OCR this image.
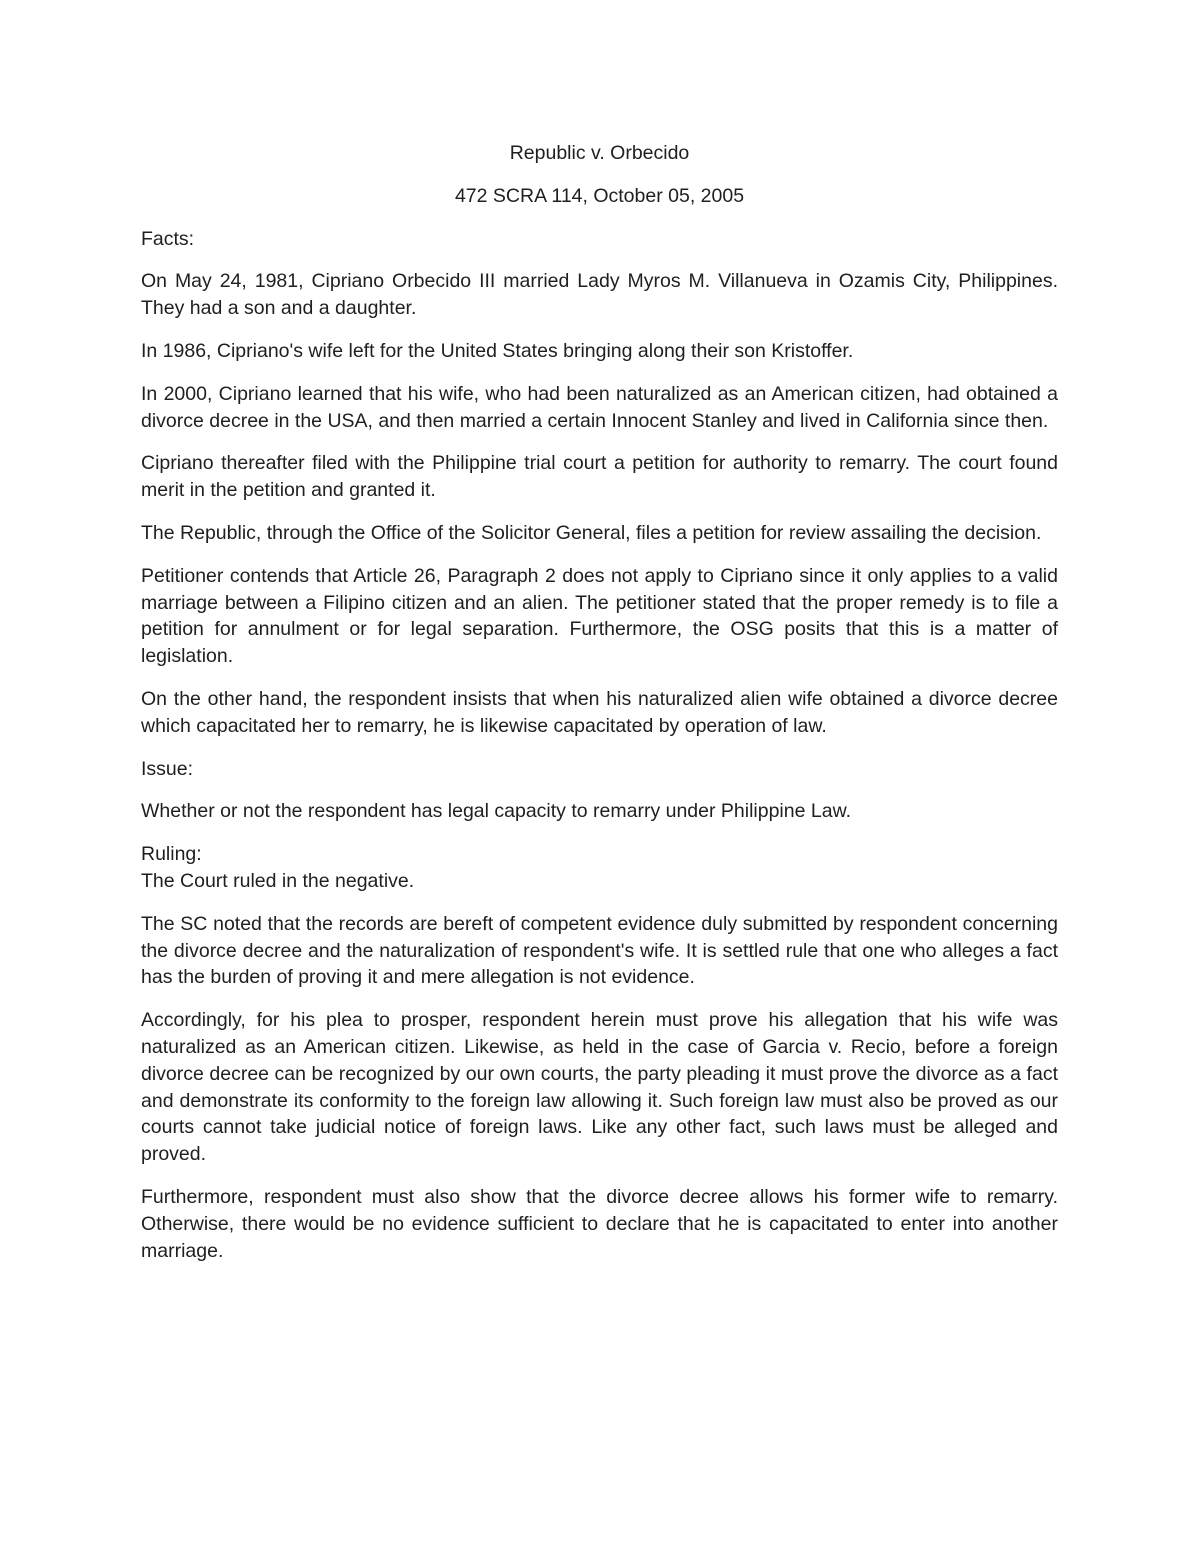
Republic v. Orbecido

472 SCRA 114, October 05, 2005

Facts:

On May 24, 1981, Cipriano Orbecido III married Lady Myros M. Villanueva in Ozamis City, Philippines. They had a son and a daughter.

In 1986, Cipriano's wife left for the United States bringing along their son Kristoffer.

In 2000, Cipriano learned that his wife, who had been naturalized as an American citizen, had obtained a divorce decree in the USA, and then married a certain Innocent Stanley and lived in California since then.

Cipriano thereafter filed with the Philippine trial court a petition for authority to remarry. The court found merit in the petition and granted it.

The Republic, through the Office of the Solicitor General, files a petition for review assailing the decision.

Petitioner contends that Article 26, Paragraph 2 does not apply to Cipriano since it only applies to a valid marriage between a Filipino citizen and an alien. The petitioner stated that the proper remedy is to file a petition for annulment or for legal separation. Furthermore, the OSG posits that this is a matter of legislation.

On the other hand, the respondent insists that when his naturalized alien wife obtained a divorce decree which capacitated her to remarry, he is likewise capacitated by operation of law.

Issue:

Whether or not the respondent has legal capacity to remarry under Philippine Law.

Ruling:

The Court ruled in the negative.

The SC noted that the records are bereft of competent evidence duly submitted by respondent concerning the divorce decree and the naturalization of respondent's wife. It is settled rule that one who alleges a fact has the burden of proving it and mere allegation is not evidence.

Accordingly, for his plea to prosper, respondent herein must prove his allegation that his wife was naturalized as an American citizen. Likewise, as held in the case of Garcia v. Recio, before a foreign divorce decree can be recognized by our own courts, the party pleading it must prove the divorce as a fact and demonstrate its conformity to the foreign law allowing it. Such foreign law must also be proved as our courts cannot take judicial notice of foreign laws. Like any other fact, such laws must be alleged and proved.

Furthermore, respondent must also show that the divorce decree allows his former wife to remarry. Otherwise, there would be no evidence sufficient to declare that he is capacitated to enter into another marriage.
